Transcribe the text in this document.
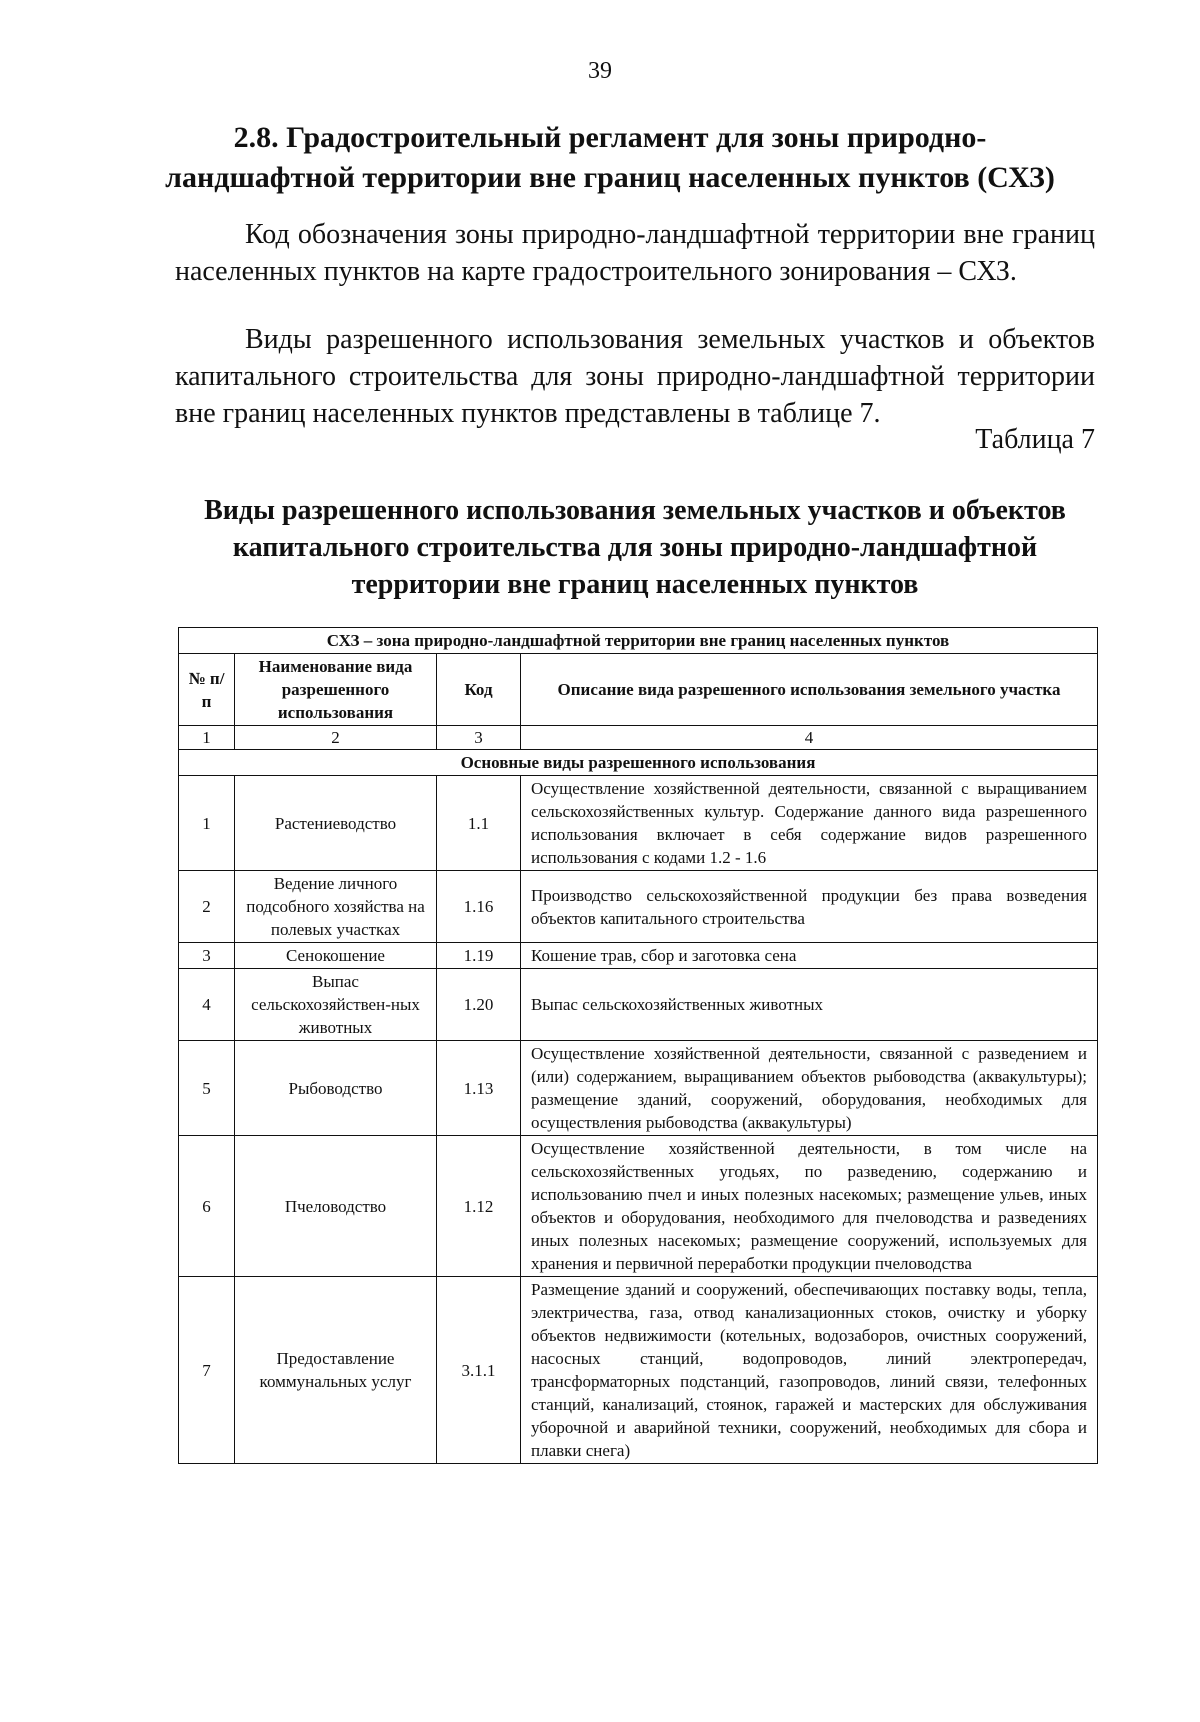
39
2.8. Градостроительный регламент для зоны природно-ландшафтной территории вне границ населенных пунктов (СХЗ)
Код обозначения зоны природно-ландшафтной территории вне границ населенных пунктов на карте градостроительного зонирования – СХЗ.
Виды разрешенного использования земельных участков и объектов капитального строительства для зоны природно-ландшафтной территории вне границ населенных пунктов представлены в таблице 7.
Таблица 7
Виды разрешенного использования земельных участков и объектов капитального строительства для зоны природно-ландшафтной территории вне границ населенных пунктов
СХЗ – зона природно-ландшафтной территории вне границ населенных пунктов			
№ п/п	Наименование вида разрешенного использования	Код	Описание вида разрешенного использования земельного участка
1	2	3	4
Основные виды разрешенного использования			
1	Растениеводство	1.1	Осуществление хозяйственной деятельности, связанной с выращиванием сельскохозяйственных культур. Содержание данного вида разрешенного использования включает в себя содержание видов разрешенного использования с кодами 1.2 - 1.6
2	Ведение личного подсобного хозяйства на полевых участках	1.16	Производство сельскохозяйственной продукции без права возведения объектов капитального строительства
3	Сенокошение	1.19	Кошение трав, сбор и заготовка сена
4	Выпас сельскохозяйствен-ных животных	1.20	Выпас сельскохозяйственных животных
5	Рыбоводство	1.13	Осуществление хозяйственной деятельности, связанной с разведением и (или) содержанием, выращиванием объектов рыбоводства (аквакультуры); размещение зданий, сооружений, оборудования, необходимых для осуществления рыбоводства (аквакультуры)
6	Пчеловодство	1.12	Осуществление хозяйственной деятельности, в том числе на сельскохозяйственных угодьях, по разведению, содержанию и использованию пчел и иных полезных насекомых; размещение ульев, иных объектов и оборудования, необходимого для пчеловодства и разведениях иных полезных насекомых; размещение сооружений, используемых для хранения и первичной переработки продукции пчеловодства
7	Предоставление коммунальных услуг	3.1.1	Размещение зданий и сооружений, обеспечивающих поставку воды, тепла, электричества, газа, отвод канализационных стоков, очистку и уборку объектов недвижимости (котельных, водозаборов, очистных сооружений, насосных станций, водопроводов, линий электропередач, трансформаторных подстанций, газопроводов, линий связи, телефонных станций, канализаций, стоянок, гаражей и мастерских для обслуживания уборочной и аварийной техники, сооружений, необходимых для сбора и плавки снега)
